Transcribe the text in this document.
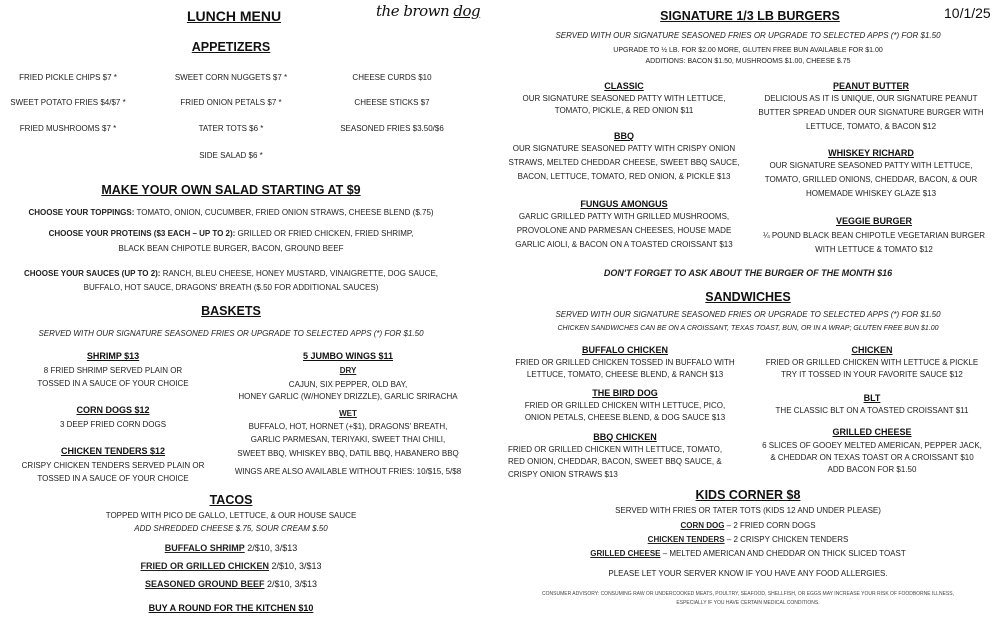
LUNCH MENU	the brown dog
APPETIZERS
FRIED PICKLE CHIPS $7 *	SWEET CORN NUGGETS $7 *	CHEESE CURDS $10
SWEET POTATO FRIES $4/$7 *	FRIED ONION PETALS $7 *	CHEESE STICKS $7
FRIED MUSHROOMS $7 *	TATER TOTS $6 *	SEASONED FRIES $3.50/$6
SIDE SALAD $6 *
MAKE YOUR OWN SALAD STARTING AT $9
CHOOSE YOUR TOPPINGS: TOMATO, ONION, CUCUMBER, FRIED ONION STRAWS, CHEESE BLEND ($.75)
CHOOSE YOUR PROTEINS ($3 EACH – UP TO 2): GRILLED OR FRIED CHICKEN, FRIED SHRIMP,
BLACK BEAN CHIPOTLE BURGER, BACON, GROUND BEEF
CHOOSE YOUR SAUCES (UP TO 2): RANCH, BLEU CHEESE, HONEY MUSTARD, VINAIGRETTE, DOG SAUCE,
BUFFALO, HOT SAUCE, DRAGONS' BREATH ($.50 FOR ADDITIONAL SAUCES)
BASKETS
SERVED WITH OUR SIGNATURE SEASONED FRIES OR UPGRADE TO SELECTED APPS (*) FOR $1.50
SHRIMP $13
8 FRIED SHRIMP SERVED PLAIN OR
TOSSED IN A SAUCE OF YOUR CHOICE
CORN DOGS $12
3 DEEP FRIED CORN DOGS
CHICKEN TENDERS $12
CRISPY CHICKEN TENDERS SERVED PLAIN OR
TOSSED IN A SAUCE OF YOUR CHOICE
5 JUMBO WINGS $11
DRY
CAJUN, SIX PEPPER, OLD BAY,
HONEY GARLIC (W/HONEY DRIZZLE), GARLIC SRIRACHA
WET
BUFFALO, HOT, HORNET (+$1), DRAGONS' BREATH,
GARLIC PARMESAN, TERIYAKI, SWEET THAI CHILI,
SWEET BBQ, WHISKEY BBQ, DATIL BBQ, HABANERO BBQ
WINGS ARE ALSO AVAILABLE WITHOUT FRIES: 10/$15, 5/$8
TACOS
TOPPED WITH PICO DE GALLO, LETTUCE, & OUR HOUSE SAUCE
ADD SHREDDED CHEESE $.75, SOUR CREAM $.50
BUFFALO SHRIMP 2/$10, 3/$13
FRIED OR GRILLED CHICKEN 2/$10, 3/$13
SEASONED GROUND BEEF 2/$10, 3/$13
BUY A ROUND FOR THE KITCHEN $10
SIGNATURE 1/3 LB BURGERS	10/1/25
SERVED WITH OUR SIGNATURE SEASONED FRIES OR UPGRADE TO SELECTED APPS (*) FOR $1.50
UPGRADE TO ½ LB. FOR $2.00 MORE, GLUTEN FREE BUN AVAILABLE FOR $1.00
ADDITIONS: BACON $1.50, MUSHROOMS $1.00, CHEESE $.75
CLASSIC
OUR SIGNATURE SEASONED PATTY WITH LETTUCE,
TOMATO, PICKLE, & RED ONION $11
BBQ
OUR SIGNATURE SEASONED PATTY WITH CRISPY ONION
STRAWS, MELTED CHEDDAR CHEESE, SWEET BBQ SAUCE,
BACON, LETTUCE, TOMATO, RED ONION, & PICKLE $13
FUNGUS AMONGUS
GARLIC GRILLED PATTY WITH GRILLED MUSHROOMS,
PROVOLONE AND PARMESAN CHEESES, HOUSE MADE
GARLIC AIOLI, & BACON ON A TOASTED CROISSANT $13
PEANUT BUTTER
DELICIOUS AS IT IS UNIQUE, OUR SIGNATURE PEANUT
BUTTER SPREAD UNDER OUR SIGNATURE BURGER WITH
LETTUCE, TOMATO, & BACON $12
WHISKEY RICHARD
OUR SIGNATURE SEASONED PATTY WITH LETTUCE,
TOMATO, GRILLED ONIONS, CHEDDAR, BACON, & OUR
HOMEMADE WHISKEY GLAZE $13
VEGGIE BURGER
¼ POUND BLACK BEAN CHIPOTLE VEGETARIAN BURGER
WITH LETTUCE & TOMATO $12
DON'T FORGET TO ASK ABOUT THE BURGER OF THE MONTH $16
SANDWICHES
SERVED WITH OUR SIGNATURE SEASONED FRIES OR UPGRADE TO SELECTED APPS (*) FOR $1.50
CHICKEN SANDWICHES CAN BE ON A CROISSANT, TEXAS TOAST, BUN, OR IN A WRAP; GLUTEN FREE BUN $1.00
BUFFALO CHICKEN
FRIED OR GRILLED CHICKEN TOSSED IN BUFFALO WITH
LETTUCE, TOMATO, CHEESE BLEND, & RANCH $13
THE BIRD DOG
FRIED OR GRILLED CHICKEN WITH LETTUCE, PICO,
ONION PETALS, CHEESE BLEND, & DOG SAUCE $13
BBQ CHICKEN
FRIED OR GRILLED CHICKEN WITH LETTUCE, TOMATO,
RED ONION, CHEDDAR, BACON, SWEET BBQ SAUCE, &
CRISPY ONION STRAWS $13
CHICKEN
FRIED OR GRILLED CHICKEN WITH LETTUCE & PICKLE
TRY IT TOSSED IN YOUR FAVORITE SAUCE $12
BLT
THE CLASSIC BLT ON A TOASTED CROISSANT $11
GRILLED CHEESE
6 SLICES OF GOOEY MELTED AMERICAN, PEPPER JACK,
& CHEDDAR ON TEXAS TOAST OR A CROISSANT $10
ADD BACON FOR $1.50
KIDS CORNER $8
SERVED WITH FRIES OR TATER TOTS (KIDS 12 AND UNDER PLEASE)
CORN DOG – 2 FRIED CORN DOGS
CHICKEN TENDERS – 2 CRISPY CHICKEN TENDERS
GRILLED CHEESE – MELTED AMERICAN AND CHEDDAR ON THICK SLICED TOAST
PLEASE LET YOUR SERVER KNOW IF YOU HAVE ANY FOOD ALLERGIES.
CONSUMER ADVISORY: CONSUMING RAW OR UNDERCOOKED MEATS, POULTRY, SEAFOOD, SHELLFISH, OR EGGS MAY INCREASE YOUR RISK OF FOODBORNE ILLNESS,
ESPECIALLY IF YOU HAVE CERTAIN MEDICAL CONDITIONS.
